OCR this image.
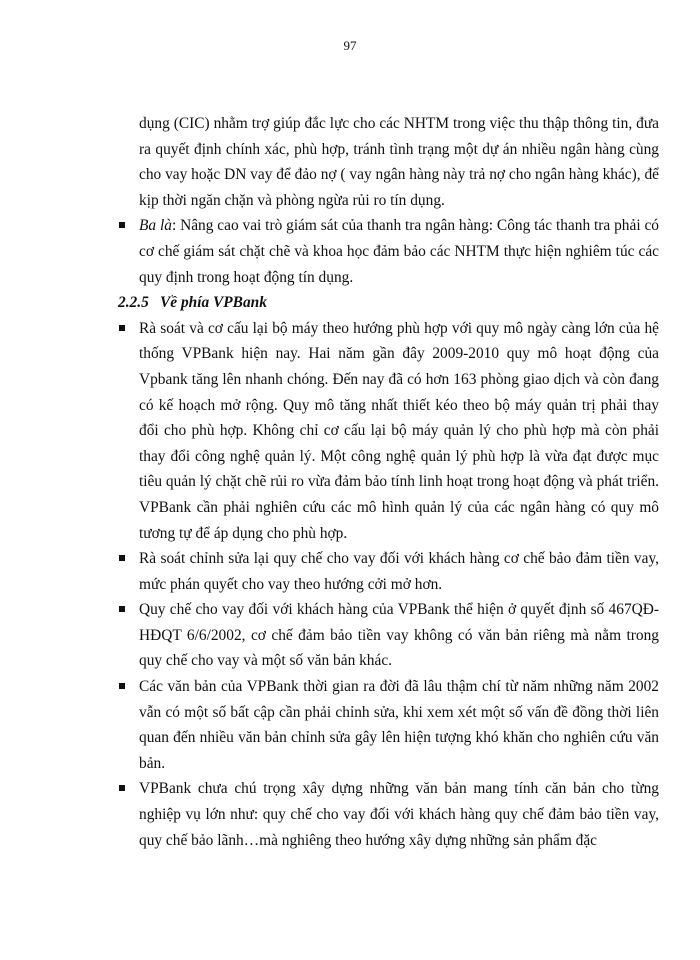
97

dụng (CIC) nhằm trợ giúp đắc lực cho các NHTM trong việc thu thập thông tin, đưa ra quyết định chính xác, phù hợp, tránh tình trạng một dự án nhiều ngân hàng cùng cho vay hoặc DN vay để đảo nợ ( vay ngân hàng này trả nợ cho ngân hàng khác), để kịp thời ngăn chặn và phòng ngừa rủi ro tín dụng.

Ba là: Nâng cao vai trò giám sát của thanh tra ngân hàng: Công tác thanh tra phải có cơ chế giám sát chặt chẽ và khoa học đảm bảo các NHTM thực hiện nghiêm túc các quy định trong hoạt động tín dụng.

2.2.5 Về phía VPBank

Rà soát và cơ cấu lại bộ máy theo hướng phù hợp với quy mô ngày càng lớn của hệ thống VPBank hiện nay. Hai năm gần đây 2009-2010 quy mô hoạt động của Vpbank tăng lên nhanh chóng. Đến nay đã có hơn 163 phòng giao dịch và còn đang có kế hoạch mở rộng. Quy mô tăng nhất thiết kéo theo bộ máy quản trị phải thay đổi cho phù hợp. Không chỉ cơ cấu lại bộ máy quản lý cho phù hợp mà còn phải thay đổi công nghệ quản lý. Một công nghệ quản lý phù hợp là vừa đạt được mục tiêu quản lý chặt chẽ rủi ro vừa đảm bảo tính linh hoạt trong hoạt động và phát triển. VPBank cần phải nghiên cứu các mô hình quản lý của các ngân hàng có quy mô tương tự để áp dụng cho phù hợp.
Rà soát chỉnh sửa lại quy chế cho vay đối với khách hàng cơ chế bảo đảm tiền vay, mức phán quyết cho vay theo hướng cởi mở hơn.
Quy chế cho vay đối với khách hàng của VPBank thể hiện ở quyết định số 467QĐ-HĐQT 6/6/2002, cơ chế đảm bảo tiền vay không có văn bản riêng mà nằm trong quy chế cho vay và một số văn bản khác.
Các văn bản của VPBank thời gian ra đời đã lâu thậm chí từ năm những năm 2002 vẫn có một số bất cập cần phải chỉnh sửa, khi xem xét một số vấn đề đồng thời liên quan đến nhiều văn bản chỉnh sửa gây lên hiện tượng khó khăn cho nghiên cứu văn bản.
VPBank chưa chú trọng xây dựng những văn bản mang tính căn bản cho từng nghiệp vụ lớn như: quy chế cho vay đối với khách hàng quy chế đảm bảo tiền vay, quy chế bảo lãnh…mà nghiêng theo hướng xây dựng những sản phẩm đặc
